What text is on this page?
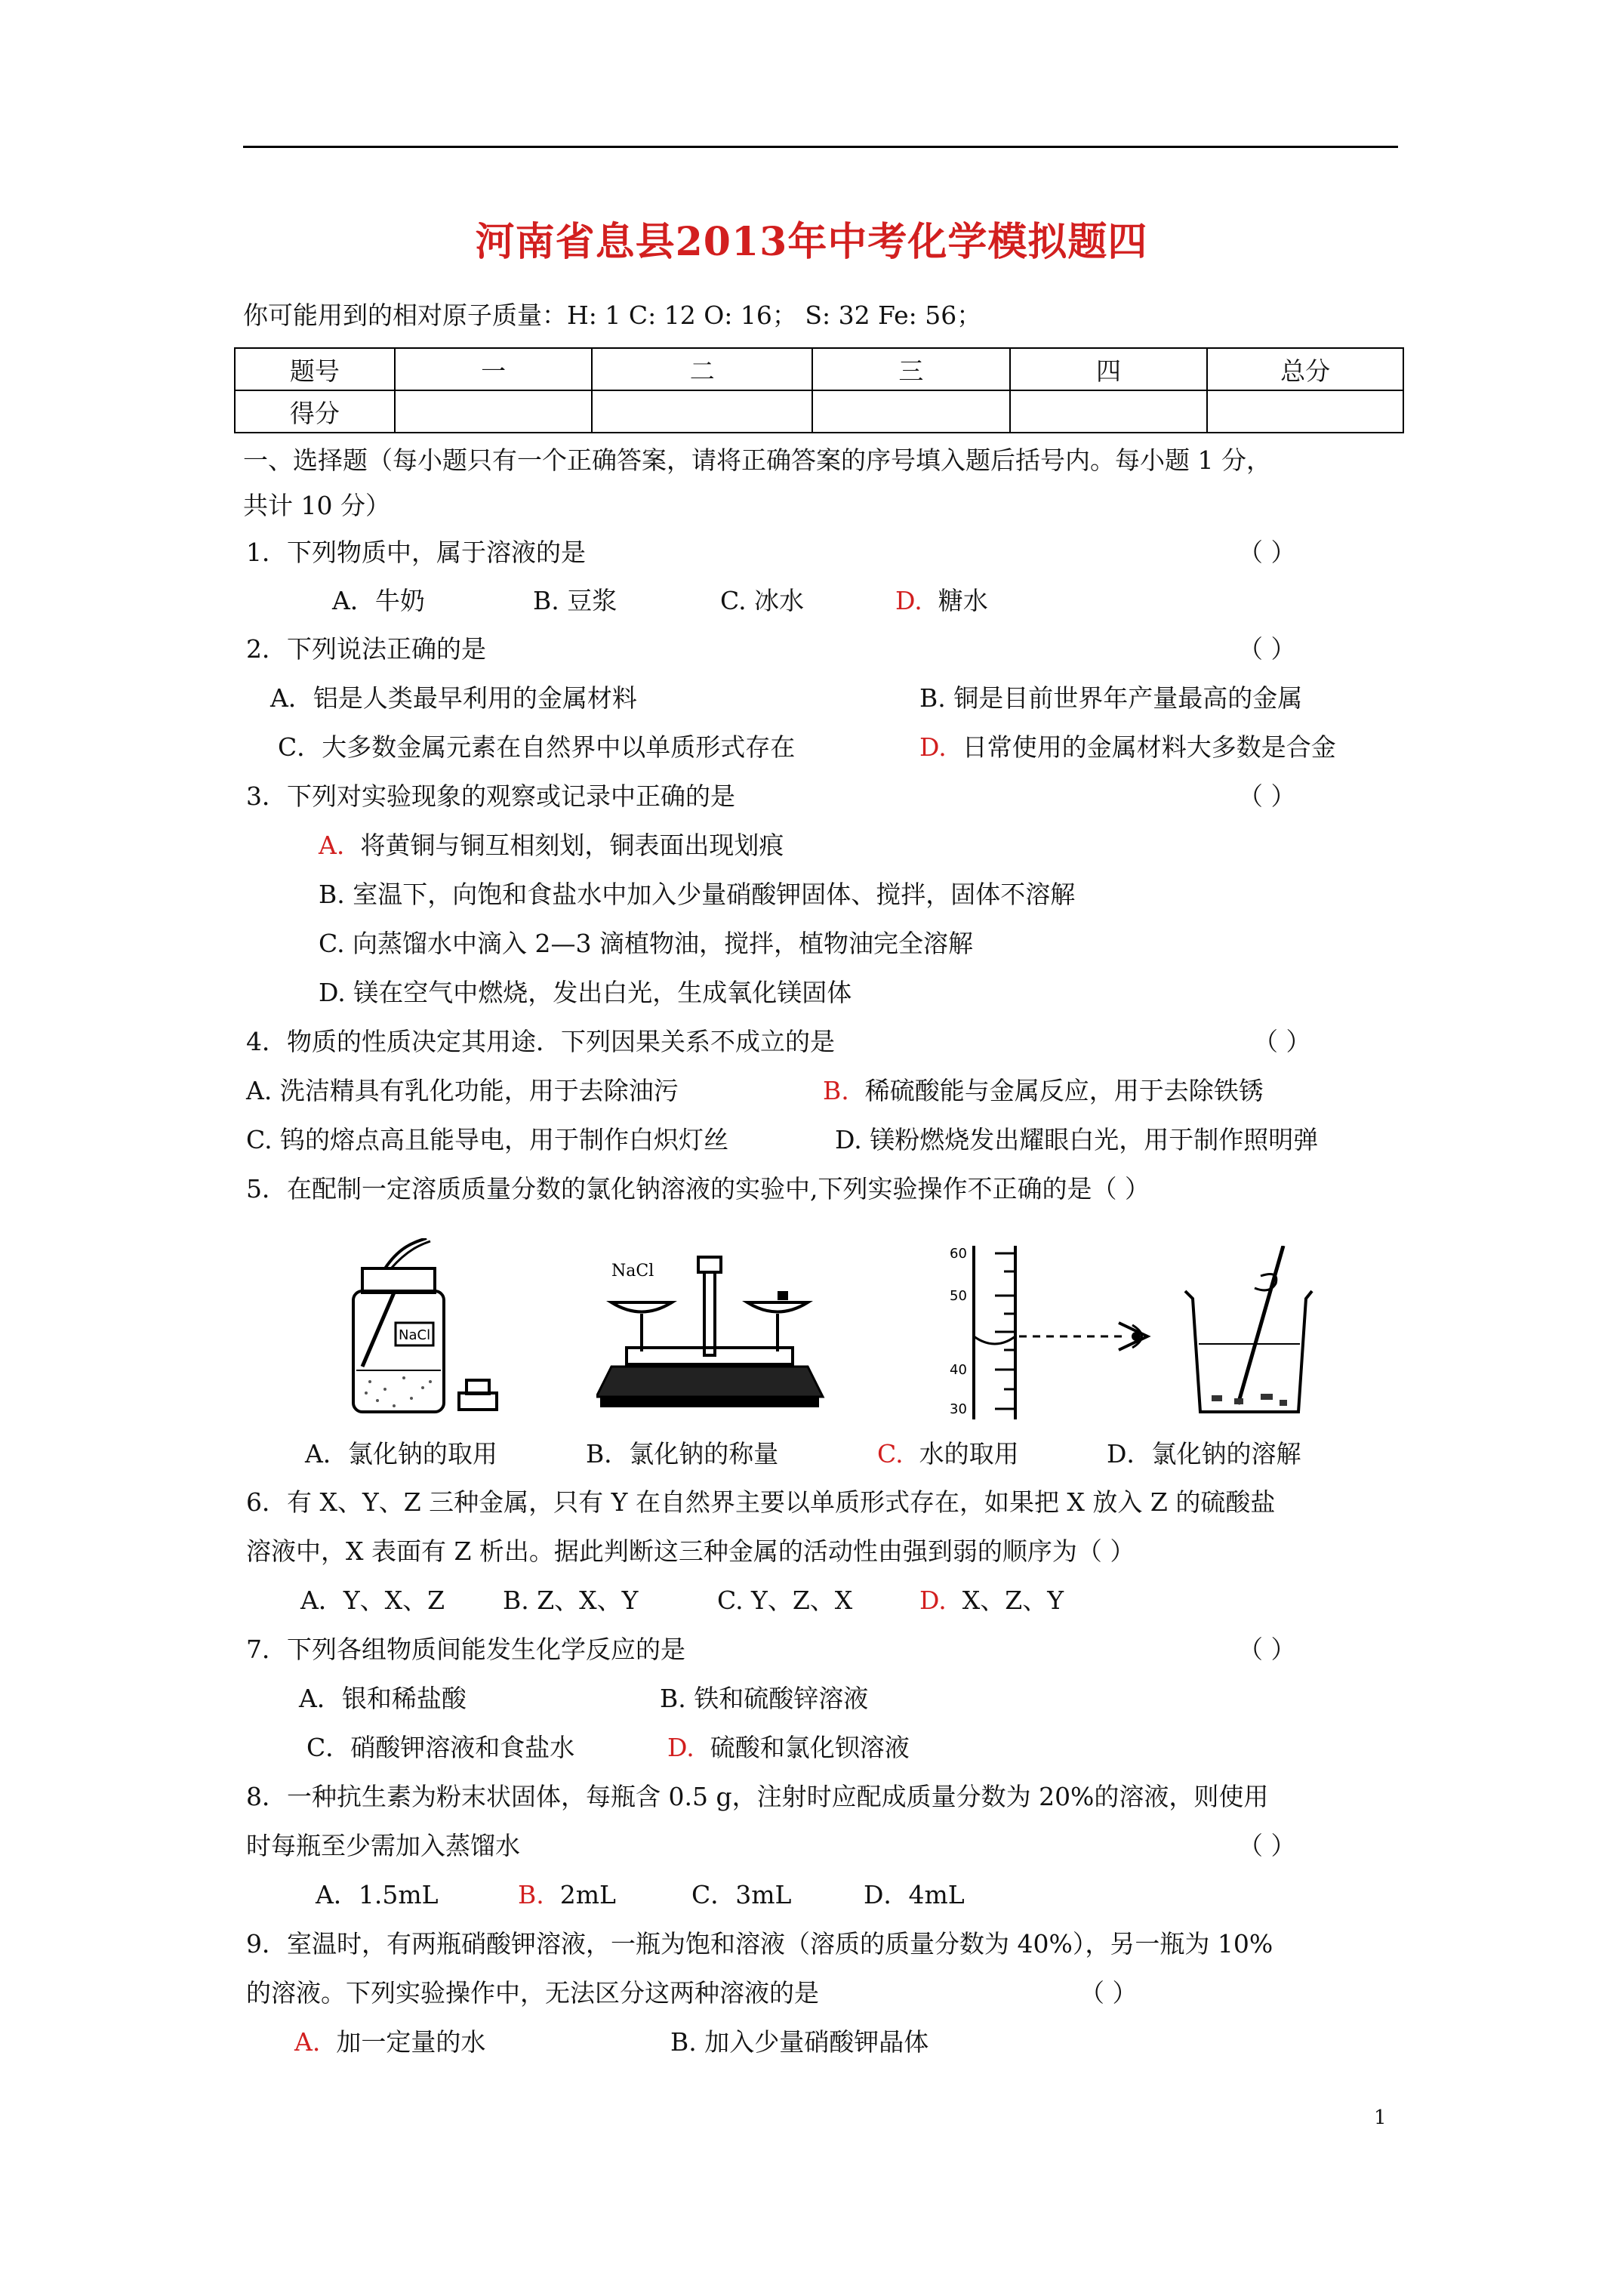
河南省息县2013年中考化学模拟题四
你可能用到的相对原子质量：H: 1 C: 12 O: 16； S: 32 Fe: 56；
题号	一	二	三	四	总分
得分					
一、选择题（每小题只有一个正确答案，请将正确答案的序号填入题后括号内。每小题 1 分，
共计 10 分）
1．下列物质中，属于溶液的是	（ ）
A．牛奶	B. 豆浆	C. 冰水	D. 糖水
2．下列说法正确的是	（ ）
A．铝是人类最早利用的金属材料	B. 铜是目前世界年产量最高的金属
C．大多数金属元素在自然界中以单质形式存在	D. 日常使用的金属材料大多数是合金
3．下列对实验现象的观察或记录中正确的是	（ ）
A. 将黄铜与铜互相刻划，铜表面出现划痕
B. 室温下，向饱和食盐水中加入少量硝酸钾固体、搅拌，固体不溶解
C. 向蒸馏水中滴入 2—3 滴植物油，搅拌，植物油完全溶解
D. 镁在空气中燃烧，发出白光，生成氧化镁固体
4．物质的性质决定其用途．下列因果关系不成立的是	（ ）
A. 洗洁精具有乳化功能，用于去除油污	B. 稀硫酸能与金属反应，用于去除铁锈
C. 钨的熔点高且能导电，用于制作白炽灯丝	D. 镁粉燃烧发出耀眼白光，用于制作照明弹
5．在配制一定溶质质量分数的氯化钠溶液的实验中,下列实验操作不正确的是（ ）
NaCl
NaCl
60
50
40
30
A．氯化钠的取用	B．氯化钠的称量	C. 水的取用	D．氯化钠的溶解
6．有 X、Y、Z 三种金属，只有 Y 在自然界主要以单质形式存在，如果把 X 放入 Z 的硫酸盐
溶液中，X 表面有 Z 析出。据此判断这三种金属的活动性由强到弱的顺序为（ ）
A．Y、X、Z B. Z、X、Y	C. Y、Z、X	D. X、Z、Y
7．下列各组物质间能发生化学反应的是	（ ）
A．银和稀盐酸	B. 铁和硫酸锌溶液
C．硝酸钾溶液和食盐水	D. 硫酸和氯化钡溶液
8．一种抗生素为粉末状固体，每瓶含 0.5 g，注射时应配成质量分数为 20%的溶液，则使用
时每瓶至少需加入蒸馏水	（ ）
A．1.5mL	B. 2mL	C．3mL	D．4mL
9．室温时，有两瓶硝酸钾溶液，一瓶为饱和溶液（溶质的质量分数为 40%），另一瓶为 10%
的溶液。下列实验操作中，无法区分这两种溶液的是	（ ）
A. 加一定量的水	B. 加入少量硝酸钾晶体
1
